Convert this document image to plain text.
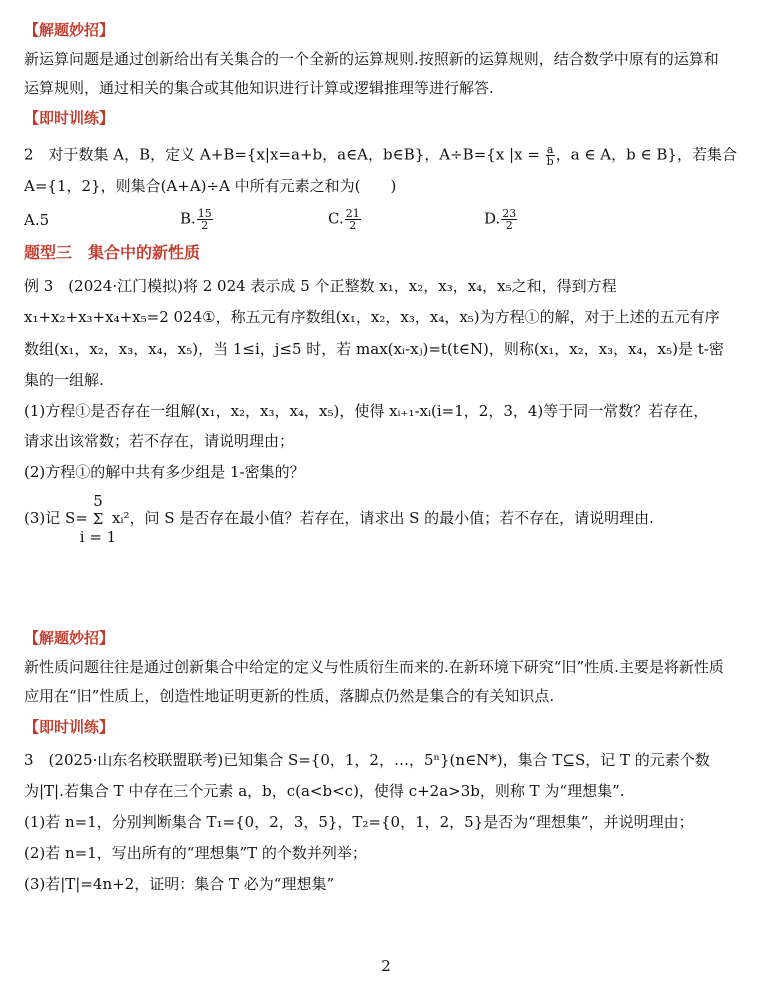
【解题妙招】
新运算问题是通过创新给出有关集合的一个全新的运算规则.按照新的运算规则，结合数学中原有的运算和
运算规则，通过相关的集合或其他知识进行计算或逻辑推理等进行解答.
【即时训练】
2　对于数集 A，B，定义 A+B={x|x=a+b，a∈A，b∈B}，A÷B={x $|x = \frac{a}{b}$ ，a ∈ A，b ∈ B}，若集合
A={1，2}，则集合(A+A)÷A 中所有元素之和为(　　)
A.5	B. $\frac{15}{2}$	C. $\frac{21}{2}$	D. $\frac{23}{2}$
题型三　集合中的新性质
例 3　(2024·江门模拟)将 2 024 表示成 5 个正整数 x₁，x₂，x₃，x₄，x₅之和，得到方程
x₁+x₂+x₃+x₄+x₅=2 024①，称五元有序数组(x₁，x₂，x₃，x₄，x₅)为方程①的解，对于上述的五元有序
数组(x₁，x₂，x₃，x₄，x₅)，当 1≤i，j≤5 时，若 max(xᵢ-xⱼ)=t(t∈N)，则称(x₁，x₂，x₃，x₄，x₅)是 t-密
集的一组解.
(1)方程①是否存在一组解(x₁，x₂，x₃，x₄，x₅)，使得 xᵢ₊₁-xᵢ(i=1，2，3，4)等于同一常数？若存在，
请求出该常数；若不存在，请说明理由；
(2)方程①的解中共有多少组是 1-密集的？
(3)记 S=
5
Σ
i = 1
xᵢ²，问 S 是否存在最小值？若存在，请求出 S 的最小值；若不存在，请说明理由.
【解题妙招】
新性质问题往往是通过创新集合中给定的定义与性质衍生而来的.在新环境下研究“旧”性质.主要是将新性质
应用在“旧”性质上，创造性地证明更新的性质，落脚点仍然是集合的有关知识点.
【即时训练】
3　(2025·山东名校联盟联考)已知集合 S={0，1，2，…，5ⁿ}(n∈N*)，集合 T⊆S，记 T 的元素个数
为|T|.若集合 T 中存在三个元素 a，b，c(a<b<c)，使得 c+2a>3b，则称 T 为“理想集”.
(1)若 n=1，分别判断集合 T₁={0，2，3，5}，T₂={0，1，2，5}是否为“理想集”，并说明理由；
(2)若 n=1，写出所有的“理想集”T 的个数并列举；
(3)若|T|=4n+2，证明：集合 T 必为“理想集”
2
